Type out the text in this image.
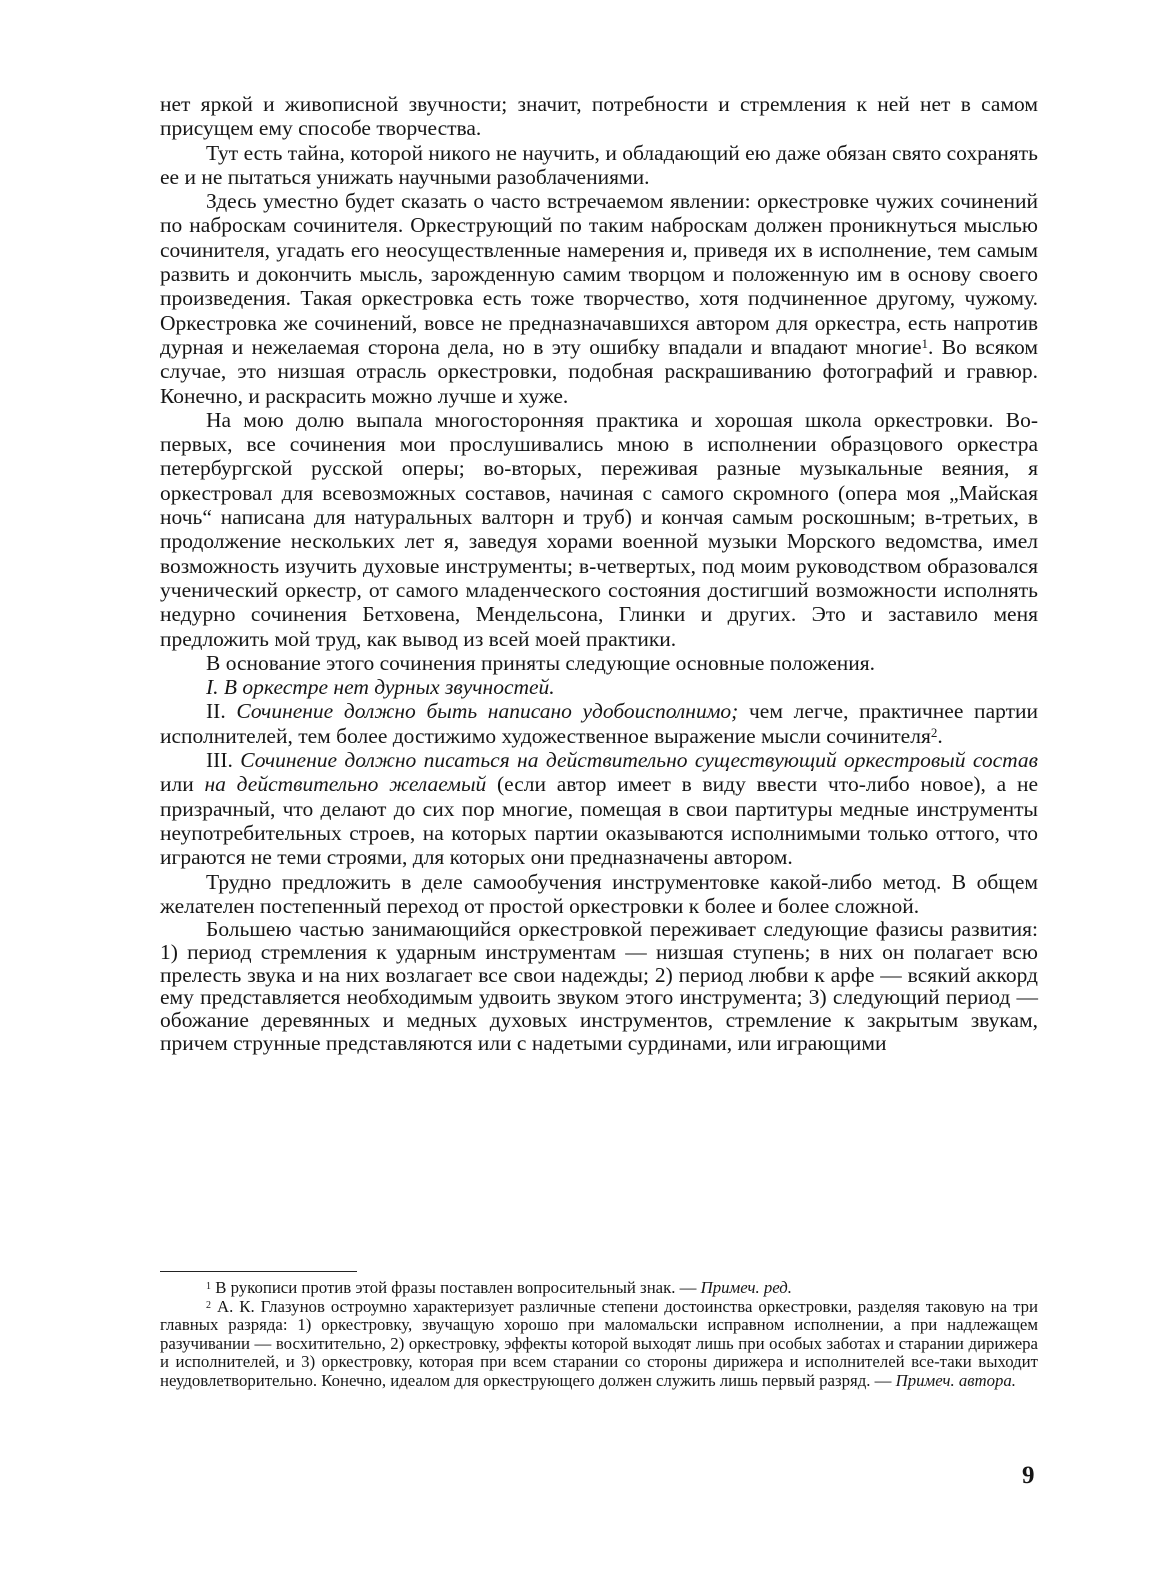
нет яркой и живописной звучности; значит, потребности и стремления к ней нет в самом присущем ему способе творчества.

Тут есть тайна, которой никого не научить, и обладающий ею даже обязан свято сохранять ее и не пытаться унижать научными разоблачениями.

Здесь уместно будет сказать о часто встречаемом явлении: оркестровке чужих сочинений по наброскам сочинителя. Оркеструющий по таким наброскам должен проникнуться мыслью сочинителя, угадать его неосуществленные намерения и, приведя их в исполнение, тем самым развить и докончить мысль, зарожденную самим творцом и положенную им в основу своего произведения. Такая оркестровка есть тоже творчество, хотя подчиненное другому, чужому. Оркестровка же сочинений, вовсе не предназначавшихся автором для оркестра, есть напротив дурная и нежелаемая сторона дела, но в эту ошибку впадали и впадают многие$^1$. Во всяком случае, это низшая отрасль оркестровки, подобная раскрашиванию фотографий и гравюр. Конечно, и раскрасить можно лучше и хуже.

На мою долю выпала многосторонняя практика и хорошая школа оркестровки. Во-первых, все сочинения мои прослушивались мною в исполнении образцового оркестра петербургской русской оперы; во-вторых, переживая разные музыкальные веяния, я оркестровал для всевозможных составов, начиная с самого скромного (опера моя „Майская ночь“ написана для натуральных валторн и труб) и кончая самым роскошным; в-третьих, в продолжение нескольких лет я, заведуя хорами военной музыки Морского ведомства, имел возможность изучить духовые инструменты; в-четвертых, под моим руководством образовался ученический оркестр, от самого младенческого состояния достигший возможности исполнять недурно сочинения Бетховена, Мендельсона, Глинки и других. Это и заставило меня предложить мой труд, как вывод из всей моей практики.

В основание этого сочинения приняты следующие основные положения.

I. В оркестре нет дурных звучностей.

II. Сочинение должно быть написано удобоисполнимо; чем легче, практичнее партии исполнителей, тем более достижимо художественное выражение мысли сочинителя$^2$.

III. Сочинение должно писаться на действительно существующий оркестровый состав или на действительно желаемый (если автор имеет в виду ввести что-либо новое), а не призрачный, что делают до сих пор многие, помещая в свои партитуры медные инструменты неупотребительных строев, на которых партии оказываются исполнимыми только оттого, что играются не теми строями, для которых они предназначены автором.

Трудно предложить в деле самообучения инструментовке какой-либо метод. В общем желателен постепенный переход от простой оркестровки к более и более сложной.

Большею частью занимающийся оркестровкой переживает следующие фазисы развития: 1) период стремления к ударным инструментам — низшая ступень; в них он полагает всю прелесть звука и на них возлагает все свои надежды; 2) период любви к арфе — всякий аккорд ему представляется необходимым удвоить звуком этого инструмента; 3) следующий период — обожание деревянных и медных духовых инструментов, стремление к закрытым звукам, причем струнные представляются или с надетыми сурдинами, или играющими

$^1$ В рукописи против этой фразы поставлен вопросительный знак. — Примеч. ред.

$^2$ А. К. Глазунов остроумно характеризует различные степени достоинства оркестровки, разделяя таковую на три главных разряда: 1) оркестровку, звучащую хорошо при маломальски исправном исполнении, а при надлежащем разучивании — восхитительно, 2) оркестровку, эффекты которой выходят лишь при особых заботах и старании дирижера и исполнителей, и 3) оркестровку, которая при всем старании со стороны дирижера и исполнителей все-таки выходит неудовлетворительно. Конечно, идеалом для оркеструющего должен служить лишь первый разряд. — Примеч. автора.

9
